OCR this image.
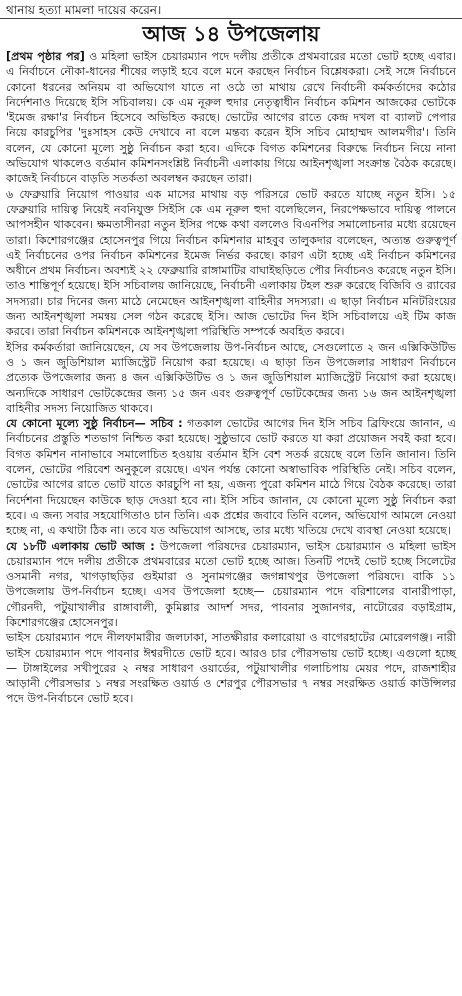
থানায় হত্যা মামলা দায়ের করেন।
আজ ১৪ উপজেলায়

[প্রথম পৃষ্ঠার পর] ও মহিলা ভাইস চেয়ারম্যান পদে দলীয় প্রতীকে প্রথমবারের মতো ভোট হচ্ছে এবার। এ নির্বাচনে নৌকা-ধানের শীষের লড়াই হবে বলে মনে করছেন নির্বাচন বিশ্লেষকরা। সেই সঙ্গে নির্বাচনে কোনো ধরনের অনিয়ম বা অভিযোগ যাতে না ওঠে তা মাথায় রেখে নির্বাচনী কর্মকর্তাদের কঠোর নির্দেশনাও দিয়েছে ইসি সচিবালয়। কে এম নূরুল হুদার নেতৃত্বাধীন নির্বাচন কমিশন আজকের ভোটকে 'ইমেজ রক্ষা'র নির্বাচন হিসেবে অভিহিত করছে। ভোটের আগের রাতে কেন্দ্র দখল বা ব্যালট পেপার নিয়ে কারচুপির 'দুঃসাহস কেউ দেখাবে না বলে মন্তব্য করেন ইসি সচিব মোহাম্মদ আলমগীর'। তিনি বলেন, যে কোনো মূল্যে সুষ্ঠু নির্বাচন করা হবে। এদিকে বিগত কমিশনের বিরুদ্ধে নির্বাচন নিয়ে নানা অভিযোগ থাকলেও বর্তমান কমিশনসংশ্লিষ্ট নির্বাচনী এলাকায় গিয়ে আইনশৃঙ্খলা সংক্রান্ত বৈঠক করেছে। কাজেই নির্বাচনে বাড়তি সতর্কতা অবলম্বন করছেন তারা।

৬ ফেব্রুয়ারি নিয়োগ পাওয়ার এক মাসের মাথায় বড় পরিসরে ভোট করতে যাচ্ছে নতুন ইসি। ১৫ ফেব্রুয়ারি দায়িত্ব নিয়েই নবনিযুক্ত সিইসি কে এম নূরুল হুদা বলেছিলেন, নিরপেক্ষভাবে দায়িত্ব পালনে আপসহীন থাকবেন। ক্ষমতাসীনরা নতুন ইসির পক্ষে কথা বললেও বিএনপির সমালোচনার মধ্যে রয়েছেন তারা। কিশোরগঞ্জের হোসেনপুর গিয়ে নির্বাচন কমিশনার মাহবুব তালুকদার বলেছেন, অত্যন্ত গুরুত্বপূর্ণ এই নির্বাচনের ওপর নির্বাচন কমিশনের ইমেজ নির্ভর করছে। কারণ এটা হচ্ছে এই নির্বাচন কমিশনের অধীনে প্রথম নির্বাচন। অবশ্যই ২২ ফেব্রুয়ারি রাঙ্গামাটির বাঘাইছড়িতে পৌর নির্বাচনও করেছে নতুন ইসি। তাও শান্তিপূর্ণ হয়েছে। ইসি সচিবালয় জানিয়েছে, নির্বাচনী এলাকায় টহল শুরু করেছে বিজিবি ও র‌্যাবের সদস্যরা। চার দিনের জন্য মাঠে নেমেছেন আইনশৃঙ্খলা বাহিনীর সদস্যরা। এ ছাড়া নির্বাচন মনিটরিংয়ের জন্য আইনশৃঙ্খলা সমন্বয় সেল গঠন করেছে ইসি। আজ ভোটের দিন ইসি সচিবালয়ে এই টিম কাজ করবে। তারা নির্বাচন কমিশনকে আইনশৃঙ্খলা পরিস্থিতি সম্পর্কে অবহিত করবে।

ইসির কর্মকর্তারা জানিয়েছেন, যে সব উপজেলায় উপ-নির্বাচন আছে, সেগুলোতে ২ জন এক্সিকিউটিভ ও ১ জন জুডিশিয়াল ম্যাজিস্ট্রেট নিয়োগ করা হয়েছে। এ ছাড়া তিন উপজেলার সাধারণ নির্বাচনে প্রত্যেক উপজেলার জন্য ৪ জন এক্সিকিউটিভ ও ১ জন জুডিশিয়াল ম্যাজিস্ট্রেট নিয়োগ করা হয়েছে। অন্যদিকে সাধারণ ভোটকেন্দ্রের জন্য ১৫ জন এবং গুরুত্বপূর্ণ ভোটকেন্দ্রের জন্য ১৬ জন আইনশৃঙ্খলা বাহিনীর সদস্য নিয়োজিত থাকবে।

যে কোনো মূল্যে সুষ্ঠু নির্বাচন— সচিব : গতকাল ভোটের আগের দিন ইসি সচিব ব্রিফিংয়ে জানান, এ নির্বাচনের প্রস্তুতি শতভাগ নিশ্চিত করা হয়েছে। সুষ্ঠুভাবে ভোট করতে যা করা প্রয়োজন সবই করা হবে। বিগত কমিশন নানাভাবে সমালোচিত হওয়ায় বর্তমান ইসি বেশ সতর্ক রয়েছে বলে তিনি জানান। তিনি বলেন, ভোটের পরিবেশ অনুকূলে রয়েছে। এখন পর্যন্ত কোনো অস্বাভাবিক পরিস্থিতি নেই। সচিব বলেন, ভোটের আগের রাতে ভোট যাতে কারচুপি না হয়, এজন্য পুরো কমিশন মাঠে গিয়ে বৈঠক করেছে। তারা নির্দেশনা দিয়েছেন কাউকে ছাড় দেওয়া হবে না। ইসি সচিব জানান, যে কোনো মূল্যে সুষ্ঠু নির্বাচন করা হবে। এ জন্য সবার সহযোগিতাও চান তিনি। এক প্রশ্নের জবাবে তিনি বলেন, অভিযোগ আমলে নেওয়া হচ্ছে না, এ কথাটা ঠিক না। তবে যত অভিযোগ আসছে, তার মধ্যে খতিয়ে দেখে ব্যবস্থা নেওয়া হয়েছে।

যে ১৮টি এলাকায় ভোট আজ : উপজেলা পরিষদের চেয়ারম্যান, ভাইস চেয়ারম্যান ও মহিলা ভাইস চেয়ারম্যান পদে দলীয় প্রতীকে প্রথমবারের মতো ভোট হচ্ছে আজ। তিনটি পদেই ভোট হচ্ছে সিলেটের ওসমানী নগর, খাগড়াছড়ির গুইমারা ও সুনামগঞ্জের জগন্নাথপুর উপজেলা পরিষদে। বাকি ১১ উপজেলায় উপ-নির্বাচন হচ্ছে। এসব উপজেলা হচ্ছে— চেয়ারম্যান পদে বরিশালের বানারীপাড়া, গৌরনদী, পটুয়াখালীর রাঙ্গাবালী, কুমিল্লার আদর্শ সদর, পাবনার সুজানগর, নাটোরের বড়াইগ্রাম, কিশোরগঞ্জের হোসেনপুর।

ভাইস চেয়ারম্যান পদে নীলফামারীর জলঢাকা, সাতক্ষীরার কলারোয়া ও বাগেরহাটের মোরেলগঞ্জ। নারী ভাইস চেয়ারম্যান পদে পাবনার ঈশ্বরদীতে ভোট হবে। আরও চার পৌরসভায় ভোট হচ্ছে। এগুলো হচ্ছে— টাঙ্গাইলের সখীপুরের ২ নম্বর সাধারণ ওয়ার্ডের, পটুয়াখালীর গলাচিপায় মেয়র পদে, রাজশাহীর আড়ানী পৌরসভার ১ নম্বর সংরক্ষিত ওয়ার্ড ও শেরপুর পৌরসভার ৭ নম্বর সংরক্ষিত ওয়ার্ড কাউন্সিলর পদে উপ-নির্বাচনে ভোট হবে।
